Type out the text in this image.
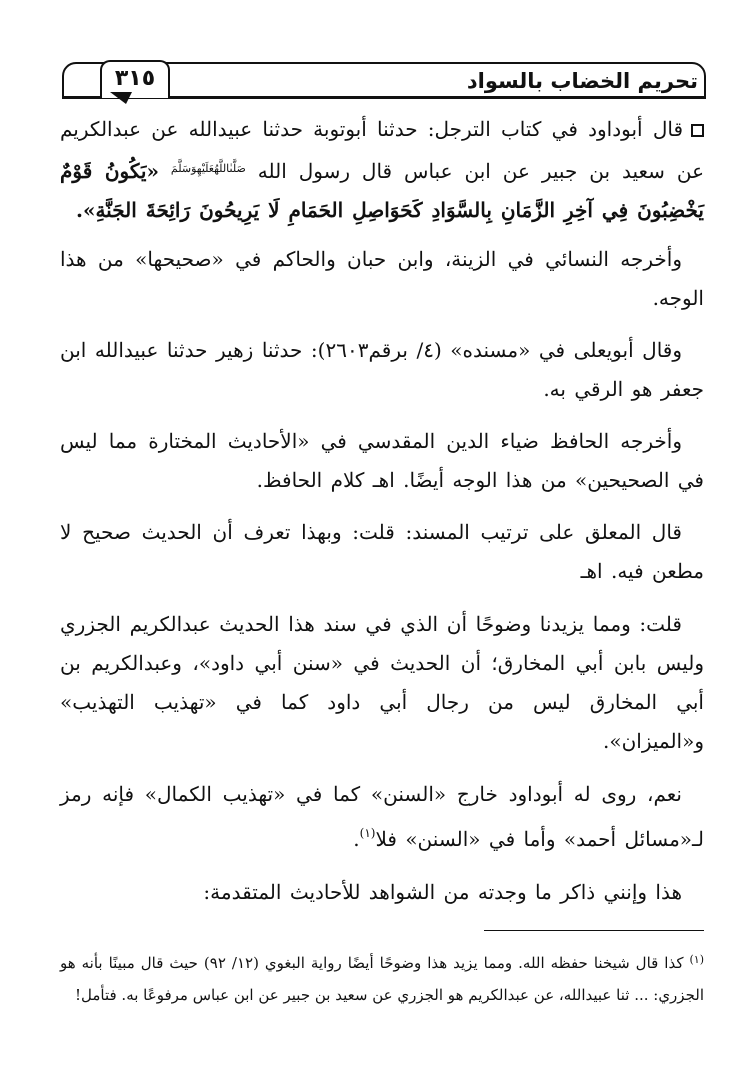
تحريم الخضاب بالسواد
٣١٥

قال أبوداود في كتاب الترجل: حدثنا أبوتوبة حدثنا عبيدالله عن عبدالكريم عن سعيد بن جبير عن ابن عباس قال رسول الله $^{صَلَّىٰاللَّهُعَلَيْهِوَسَلَّمَ}$ «يَكُونُ قَوْمٌ يَخْضِبُونَ فِي آخِرِ الزَّمَانِ بِالسَّوَادِ كَحَوَاصِلِ الحَمَامِ لَا يَرِيحُونَ رَائِحَةَ الجَنَّةِ».

وأخرجه النسائي في الزينة، وابن حبان والحاكم في «صحيحها» من هذا الوجه.

وقال أبويعلى في «مسنده» (٤/ برقم٢٦٠٣): حدثنا زهير حدثنا عبيدالله ابن جعفر هو الرقي به.

وأخرجه الحافظ ضياء الدين المقدسي في «الأحاديث المختارة مما ليس في الصحيحين» من هذا الوجه أيضًا. اهـ كلام الحافظ.

قال المعلق على ترتيب المسند: قلت: وبهذا تعرف أن الحديث صحيح لا مطعن فيه. اهـ

قلت: ومما يزيدنا وضوحًا أن الذي في سند هذا الحديث عبدالكريم الجزري وليس بابن أبي المخارق؛ أن الحديث في «سنن أبي داود»، وعبدالكريم بن أبي المخارق ليس من رجال أبي داود كما في «تهذيب التهذيب» و«الميزان».

نعم، روى له أبوداود خارج «السنن» كما في «تهذيب الكمال» فإنه رمز لـ«مسائل أحمد» وأما في «السنن» فلا$^{(١)}$.

هذا وإنني ذاكر ما وجدته من الشواهد للأحاديث المتقدمة:

$^{(١)}$كذا قال شيخنا حفظه الله. ومما يزيد هذا وضوحًا أيضًا رواية البغوي (١٢/ ٩٢) حيث قال مبينًا بأنه هو الجزري: ... ثنا عبيدالله، عن عبدالكريم هو الجزري عن سعيد بن جبير عن ابن عباس مرفوعًا به. فتأمل!
